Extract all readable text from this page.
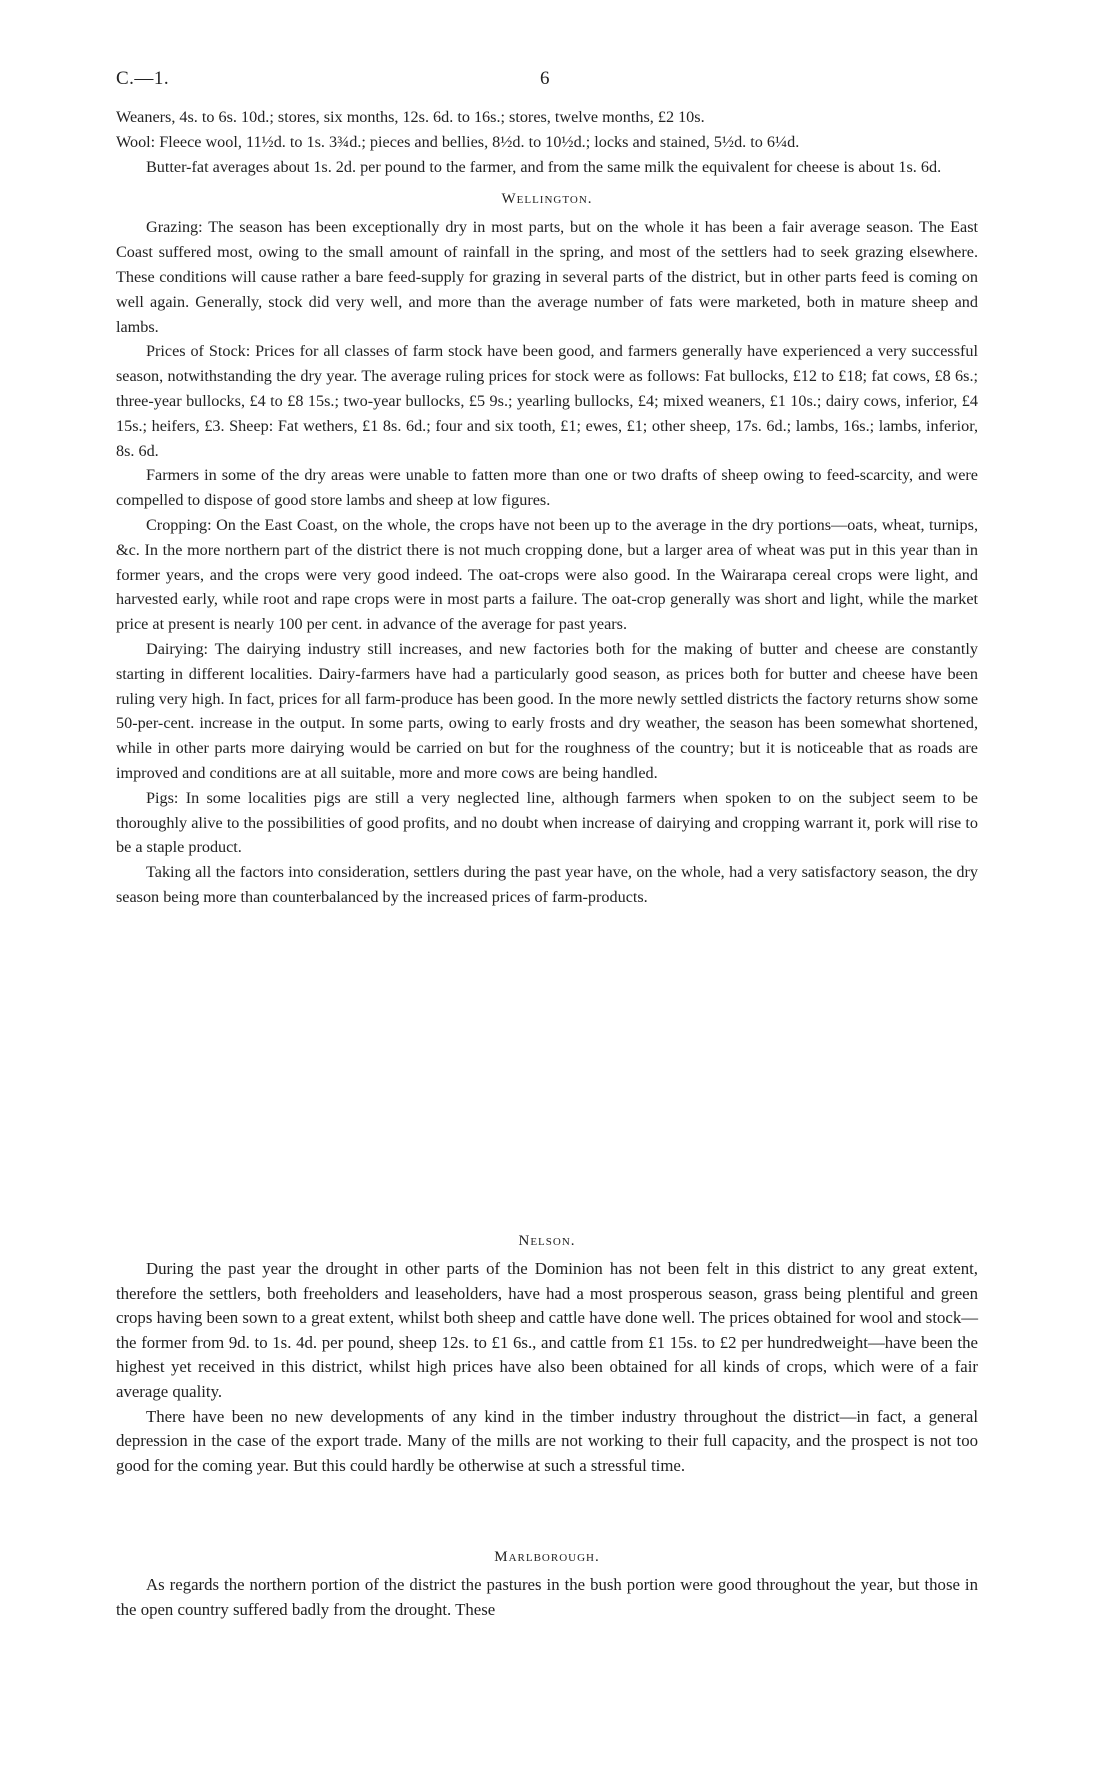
C.—1.	6

Weaners, 4s. to 6s. 10d.; stores, six months, 12s. 6d. to 16s.; stores, twelve months, £2 10s.

Wool: Fleece wool, 11½d. to 1s. 3¾d.; pieces and bellies, 8½d. to 10½d.; locks and stained, 5½d. to 6¼d.

Butter-fat averages about 1s. 2d. per pound to the farmer, and from the same milk the equivalent for cheese is about 1s. 6d.

Wellington.

Grazing: The season has been exceptionally dry in most parts, but on the whole it has been a fair average season. The East Coast suffered most, owing to the small amount of rainfall in the spring, and most of the settlers had to seek grazing elsewhere. These conditions will cause rather a bare feed-supply for grazing in several parts of the district, but in other parts feed is coming on well again. Generally, stock did very well, and more than the average number of fats were marketed, both in mature sheep and lambs.

Prices of Stock: Prices for all classes of farm stock have been good, and farmers generally have experienced a very successful season, notwithstanding the dry year. The average ruling prices for stock were as follows: Fat bullocks, £12 to £18; fat cows, £8 6s.; three-year bullocks, £4 to £8 15s.; two-year bullocks, £5 9s.; yearling bullocks, £4; mixed weaners, £1 10s.; dairy cows, inferior, £4 15s.; heifers, £3. Sheep: Fat wethers, £1 8s. 6d.; four and six tooth, £1; ewes, £1; other sheep, 17s. 6d.; lambs, 16s.; lambs, inferior, 8s. 6d.

Farmers in some of the dry areas were unable to fatten more than one or two drafts of sheep owing to feed-scarcity, and were compelled to dispose of good store lambs and sheep at low figures.

Cropping: On the East Coast, on the whole, the crops have not been up to the average in the dry portions—oats, wheat, turnips, &c. In the more northern part of the district there is not much cropping done, but a larger area of wheat was put in this year than in former years, and the crops were very good indeed. The oat-crops were also good. In the Wairarapa cereal crops were light, and harvested early, while root and rape crops were in most parts a failure. The oat-crop generally was short and light, while the market price at present is nearly 100 per cent. in advance of the average for past years.

Dairying: The dairying industry still increases, and new factories both for the making of butter and cheese are constantly starting in different localities. Dairy-farmers have had a particularly good season, as prices both for butter and cheese have been ruling very high. In fact, prices for all farm-produce has been good. In the more newly settled districts the factory returns show some 50-per-cent. increase in the output. In some parts, owing to early frosts and dry weather, the season has been somewhat shortened, while in other parts more dairying would be carried on but for the roughness of the country; but it is noticeable that as roads are improved and conditions are at all suitable, more and more cows are being handled.

Pigs: In some localities pigs are still a very neglected line, although farmers when spoken to on the subject seem to be thoroughly alive to the possibilities of good profits, and no doubt when increase of dairying and cropping warrant it, pork will rise to be a staple product.

Taking all the factors into consideration, settlers during the past year have, on the whole, had a very satisfactory season, the dry season being more than counterbalanced by the increased prices of farm-products.

Nelson.

During the past year the drought in other parts of the Dominion has not been felt in this district to any great extent, therefore the settlers, both freeholders and leaseholders, have had a most prosperous season, grass being plentiful and green crops having been sown to a great extent, whilst both sheep and cattle have done well. The prices obtained for wool and stock—the former from 9d. to 1s. 4d. per pound, sheep 12s. to £1 6s., and cattle from £1 15s. to £2 per hundredweight—have been the highest yet received in this district, whilst high prices have also been obtained for all kinds of crops, which were of a fair average quality.

There have been no new developments of any kind in the timber industry throughout the district—in fact, a general depression in the case of the export trade. Many of the mills are not working to their full capacity, and the prospect is not too good for the coming year. But this could hardly be otherwise at such a stressful time.

Marlborough.

As regards the northern portion of the district the pastures in the bush portion were good throughout the year, but those in the open country suffered badly from the drought. These
